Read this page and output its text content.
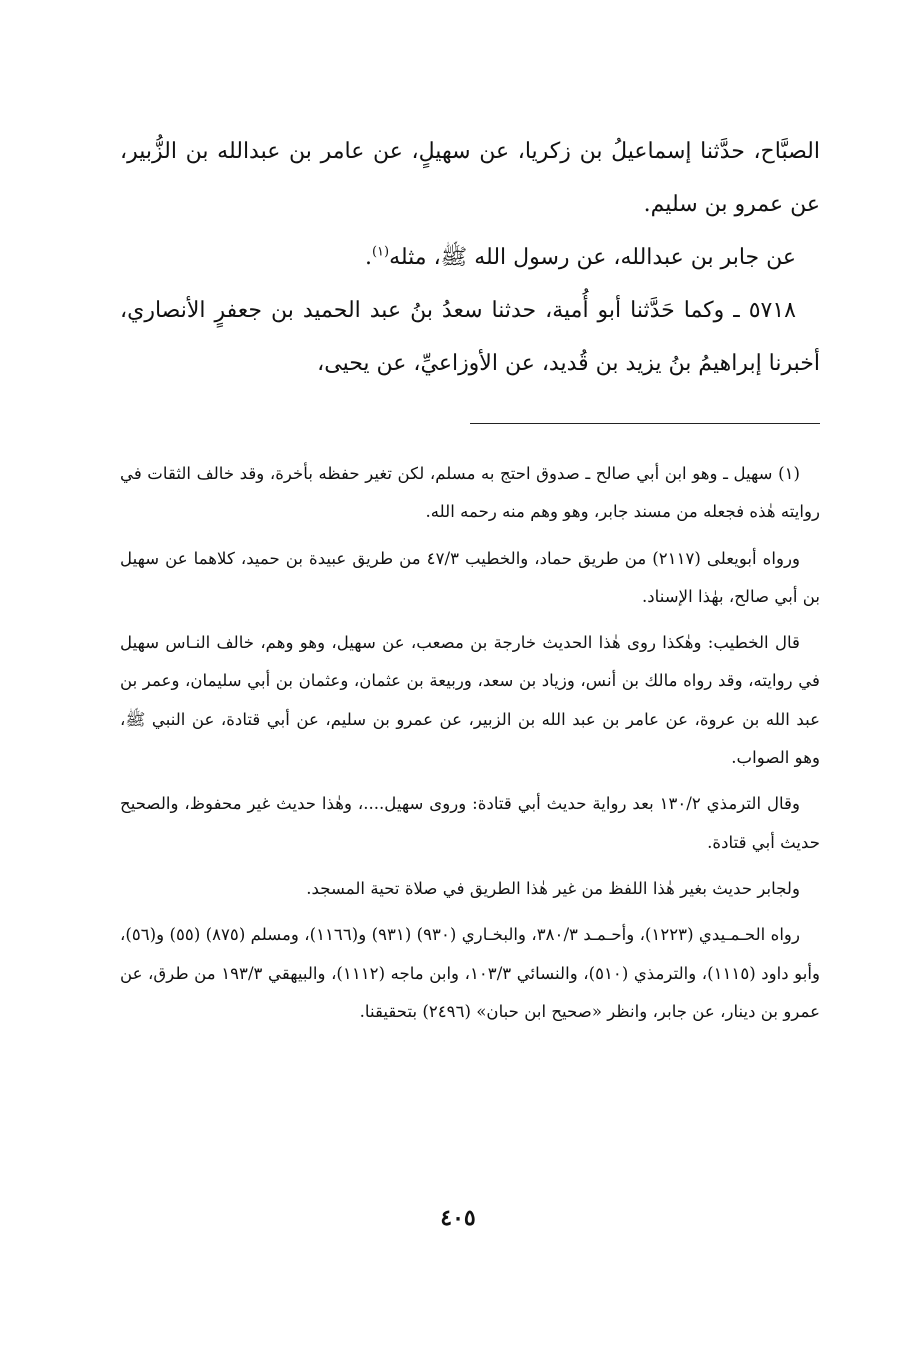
الصبَّاح، حدَّثنا إسماعيلُ بن زكريا، عن سهيلٍ، عن عامر بن عبدالله بن الزُّبير، عن عمرو بن سليم.

عن جابر بن عبدالله، عن رسول الله ﷺ، مثله$^{(١)}$.

٥٧١٨ ـ وكما حَدَّثنا أبو أُمية، حدثنا سعدُ بنُ عبد الحميد بن جعفرٍ الأنصاري، أخبرنا إبراهيمُ بنُ يزيد بن قُديد، عن الأوزاعيِّ، عن يحيى،

(١) سهيل ـ وهو ابن أبي صالح ـ صدوق احتج به مسلم، لكن تغير حفظه بأخرة، وقد خالف الثقات في روايته هٰذه فجعله من مسند جابر، وهو وهم منه رحمه الله.

ورواه أبويعلى (٢١١٧) من طريق حماد، والخطيب ٤٧/٣ من طريق عبيدة بن حميد، كلاهما عن سهيل بن أبي صالح، بهٰذا الإسناد.

قال الخطيب: وهٰكذا روى هٰذا الحديث خارجة بن مصعب، عن سهيل، وهو وهم، خالف النـاس سهيل في روايته، وقد رواه مالك بن أنس، وزياد بن سعد، وربيعة بن عثمان، وعثمان بن أبي سليمان، وعمر بن عبد الله بن عروة، عن عامر بن عبد الله بن الزبير، عن عمرو بن سليم، عن أبي قتادة، عن النبي ﷺ، وهو الصواب.

وقال الترمذي ١٣٠/٢ بعد رواية حديث أبي قتادة: وروى سهيل....، وهٰذا حديث غير محفوظ، والصحيح حديث أبي قتادة.

ولجابر حديث بغير هٰذا اللفظ من غير هٰذا الطريق في صلاة تحية المسجد.

رواه الحـمـيدي (١٢٢٣)، وأحـمـد ٣٨٠/٣، والبخـاري (٩٣٠) (٩٣١) و(١١٦٦)، ومسلم (٨٧٥) (٥٥) و(٥٦)، وأبو داود (١١١٥)، والترمذي (٥١٠)، والنسائي ١٠٣/٣، وابن ماجه (١١١٢)، والبيهقي ١٩٣/٣ من طرق، عن عمرو بن دينار، عن جابر، وانظر «صحيح ابن حبان» (٢٤٩٦) بتحقيقنا.

٤٠٥
